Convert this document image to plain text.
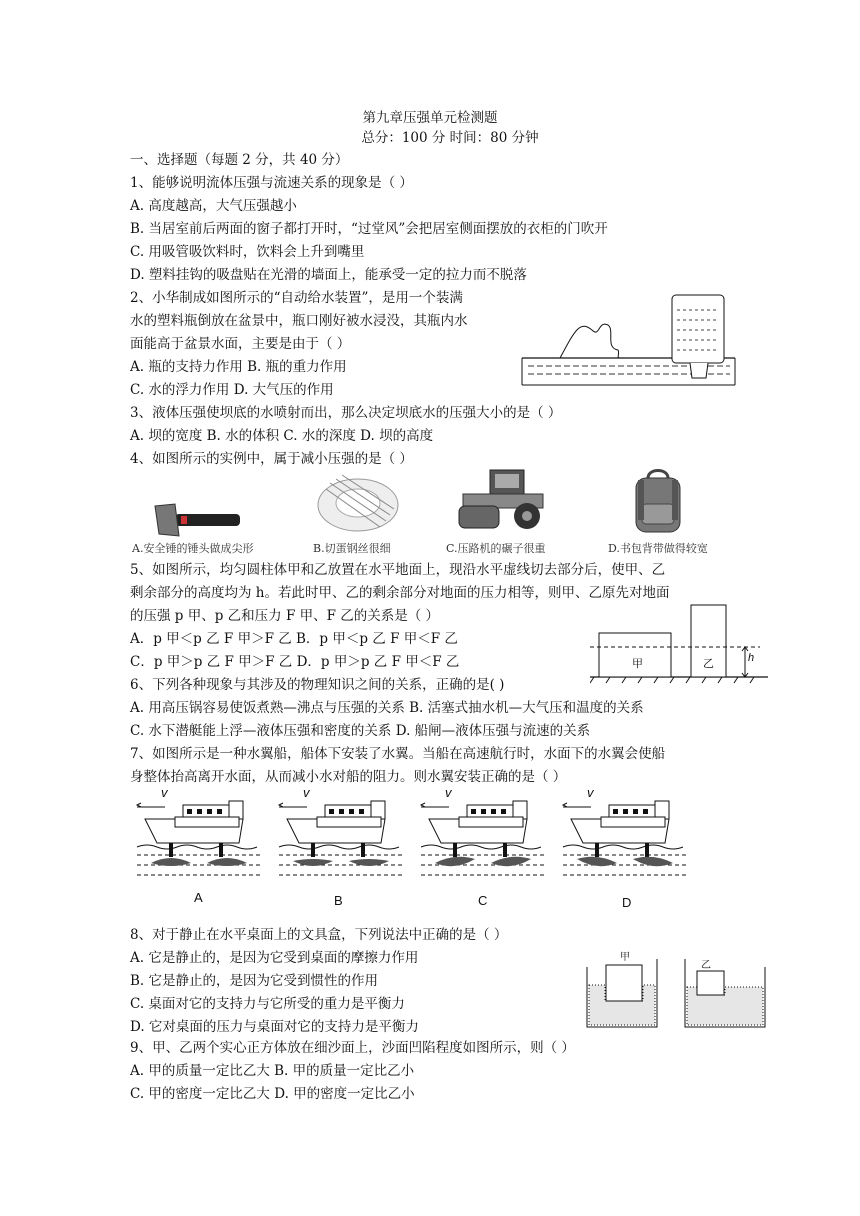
第九章压强单元检测题
总分：100 分 时间：80 分钟
一、选择题（每题 2 分，共 40 分）
1、能够说明流体压强与流速关系的现象是（ ）
A. 高度越高，大气压强越小
B. 当居室前后两面的窗子都打开时，“过堂风”会把居室侧面摆放的衣柜的门吹开
C. 用吸管吸饮料时，饮料会上升到嘴里
D. 塑料挂钩的吸盘贴在光滑的墙面上，能承受一定的拉力而不脱落
2、小华制成如图所示的“自动给水装置”，是用一个装满
水的塑料瓶倒放在盆景中，瓶口刚好被水浸没，其瓶内水
面能高于盆景水面，主要是由于（ ）
A. 瓶的支持力作用 B. 瓶的重力作用
C. 水的浮力作用 D. 大气压的作用
3、液体压强使坝底的水喷射而出，那么决定坝底水的压强大小的是（ ）
A. 坝的宽度 B. 水的体积 C. 水的深度 D. 坝的高度
4、如图所示的实例中，属于减小压强的是（ ）
A.安全锤的锤头做成尖形	B.切蛋钢丝很细	C.压路机的碾子很重	D.书包背带做得较宽
5、如图所示，均匀圆柱体甲和乙放置在水平地面上，现沿水平虚线切去部分后，使甲、乙
剩余部分的高度均为 h。若此时甲、乙的剩余部分对地面的压力相等，则甲、乙原先对地面
的压强 p 甲、p 乙和压力 F 甲、F 乙的关系是（ ）
A．p 甲＜p 乙 F 甲＞F 乙 B．p 甲＜p 乙 F 甲＜F 乙
C．p 甲＞p 乙 F 甲＞F 乙 D．p 甲＞p 乙 F 甲＜F 乙	甲	乙	h
6、下列各种现象与其涉及的物理知识之间的关系，正确的是( )
A. 用高压锅容易使饭煮熟—沸点与压强的关系 B. 活塞式抽水机—大气压和温度的关系
C. 水下潜艇能上浮—液体压强和密度的关系 D. 船闸—液体压强与流速的关系
7、如图所示是一种水翼船，船体下安装了水翼。当船在高速航行时，水面下的水翼会使船
身整体抬高离开水面，从而减小水对船的阻力。则水翼安装正确的是（ ）
v	v	v	v
A	B	C	D
8、对于静止在水平桌面上的文具盒，下列说法中正确的是（ ）
A. 它是静止的，是因为它受到桌面的摩擦力作用
B. 它是静止的，是因为它受到惯性的作用
C. 桌面对它的支持力与它所受的重力是平衡力
D. 它对桌面的压力与桌面对它的支持力是平衡力
甲
乙
9、甲、乙两个实心正方体放在细沙面上，沙面凹陷程度如图所示，则（ ）
A. 甲的质量一定比乙大 B. 甲的质量一定比乙小
C. 甲的密度一定比乙大 D. 甲的密度一定比乙小
